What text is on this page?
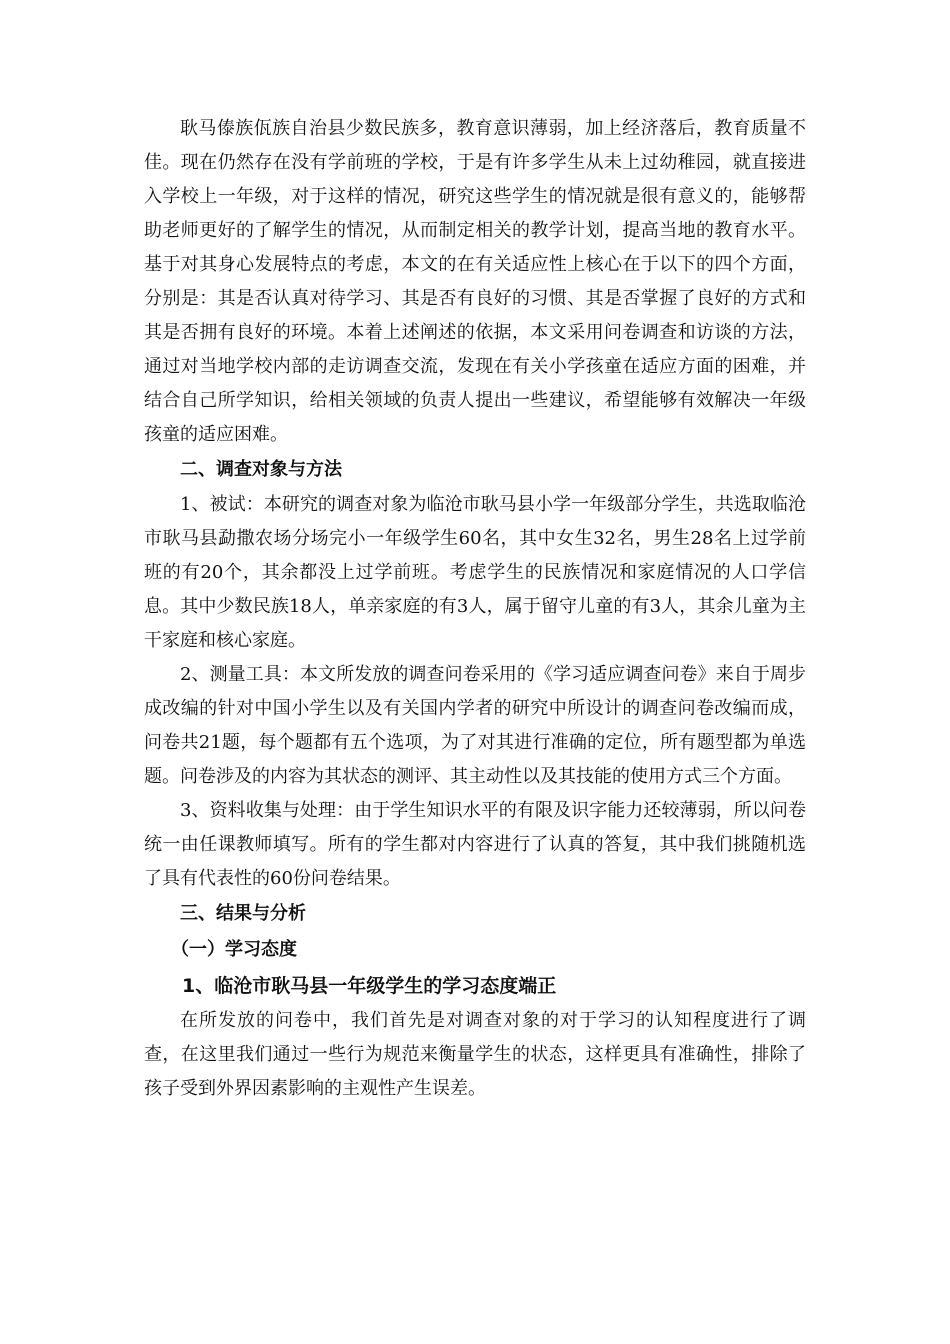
耿马傣族佤族自治县少数民族多，教育意识薄弱，加上经济落后，教育质量不佳。现在仍然存在没有学前班的学校，于是有许多学生从未上过幼稚园，就直接进入学校上一年级，对于这样的情况，研究这些学生的情况就是很有意义的，能够帮助老师更好的了解学生的情况，从而制定相关的教学计划，提高当地的教育水平。基于对其身心发展特点的考虑，本文的在有关适应性上核心在于以下的四个方面，分别是：其是否认真对待学习、其是否有良好的习惯、其是否掌握了良好的方式和其是否拥有良好的环境。本着上述阐述的依据，本文采用问卷调查和访谈的方法，通过对当地学校内部的走访调查交流，发现在有关小学孩童在适应方面的困难，并结合自己所学知识，给相关领域的负责人提出一些建议，希望能够有效解决一年级孩童的适应困难。

二、调查对象与方法

1、被试：本研究的调查对象为临沧市耿马县小学一年级部分学生，共选取临沧市耿马县勐撒农场分场完小一年级学生60名，其中女生32名，男生28名上过学前班的有20个，其余都没上过学前班。考虑学生的民族情况和家庭情况的人口学信息。其中少数民族18人，单亲家庭的有3人，属于留守儿童的有3人，其余儿童为主干家庭和核心家庭。

2、测量工具：本文所发放的调查问卷采用的《学习适应调查问卷》来自于周步成改编的针对中国小学生以及有关国内学者的研究中所设计的调查问卷改编而成，问卷共21题，每个题都有五个选项，为了对其进行准确的定位，所有题型都为单选题。问卷涉及的内容为其状态的测评、其主动性以及其技能的使用方式三个方面。

3、资料收集与处理：由于学生知识水平的有限及识字能力还较薄弱，所以问卷统一由任课教师填写。所有的学生都对内容进行了认真的答复，其中我们挑随机选了具有代表性的60份问卷结果。

三、结果与分析

（一）学习态度

1、临沧市耿马县一年级学生的学习态度端正

在所发放的问卷中，我们首先是对调查对象的对于学习的认知程度进行了调查，在这里我们通过一些行为规范来衡量学生的状态，这样更具有准确性，排除了孩子受到外界因素影响的主观性产生误差。
